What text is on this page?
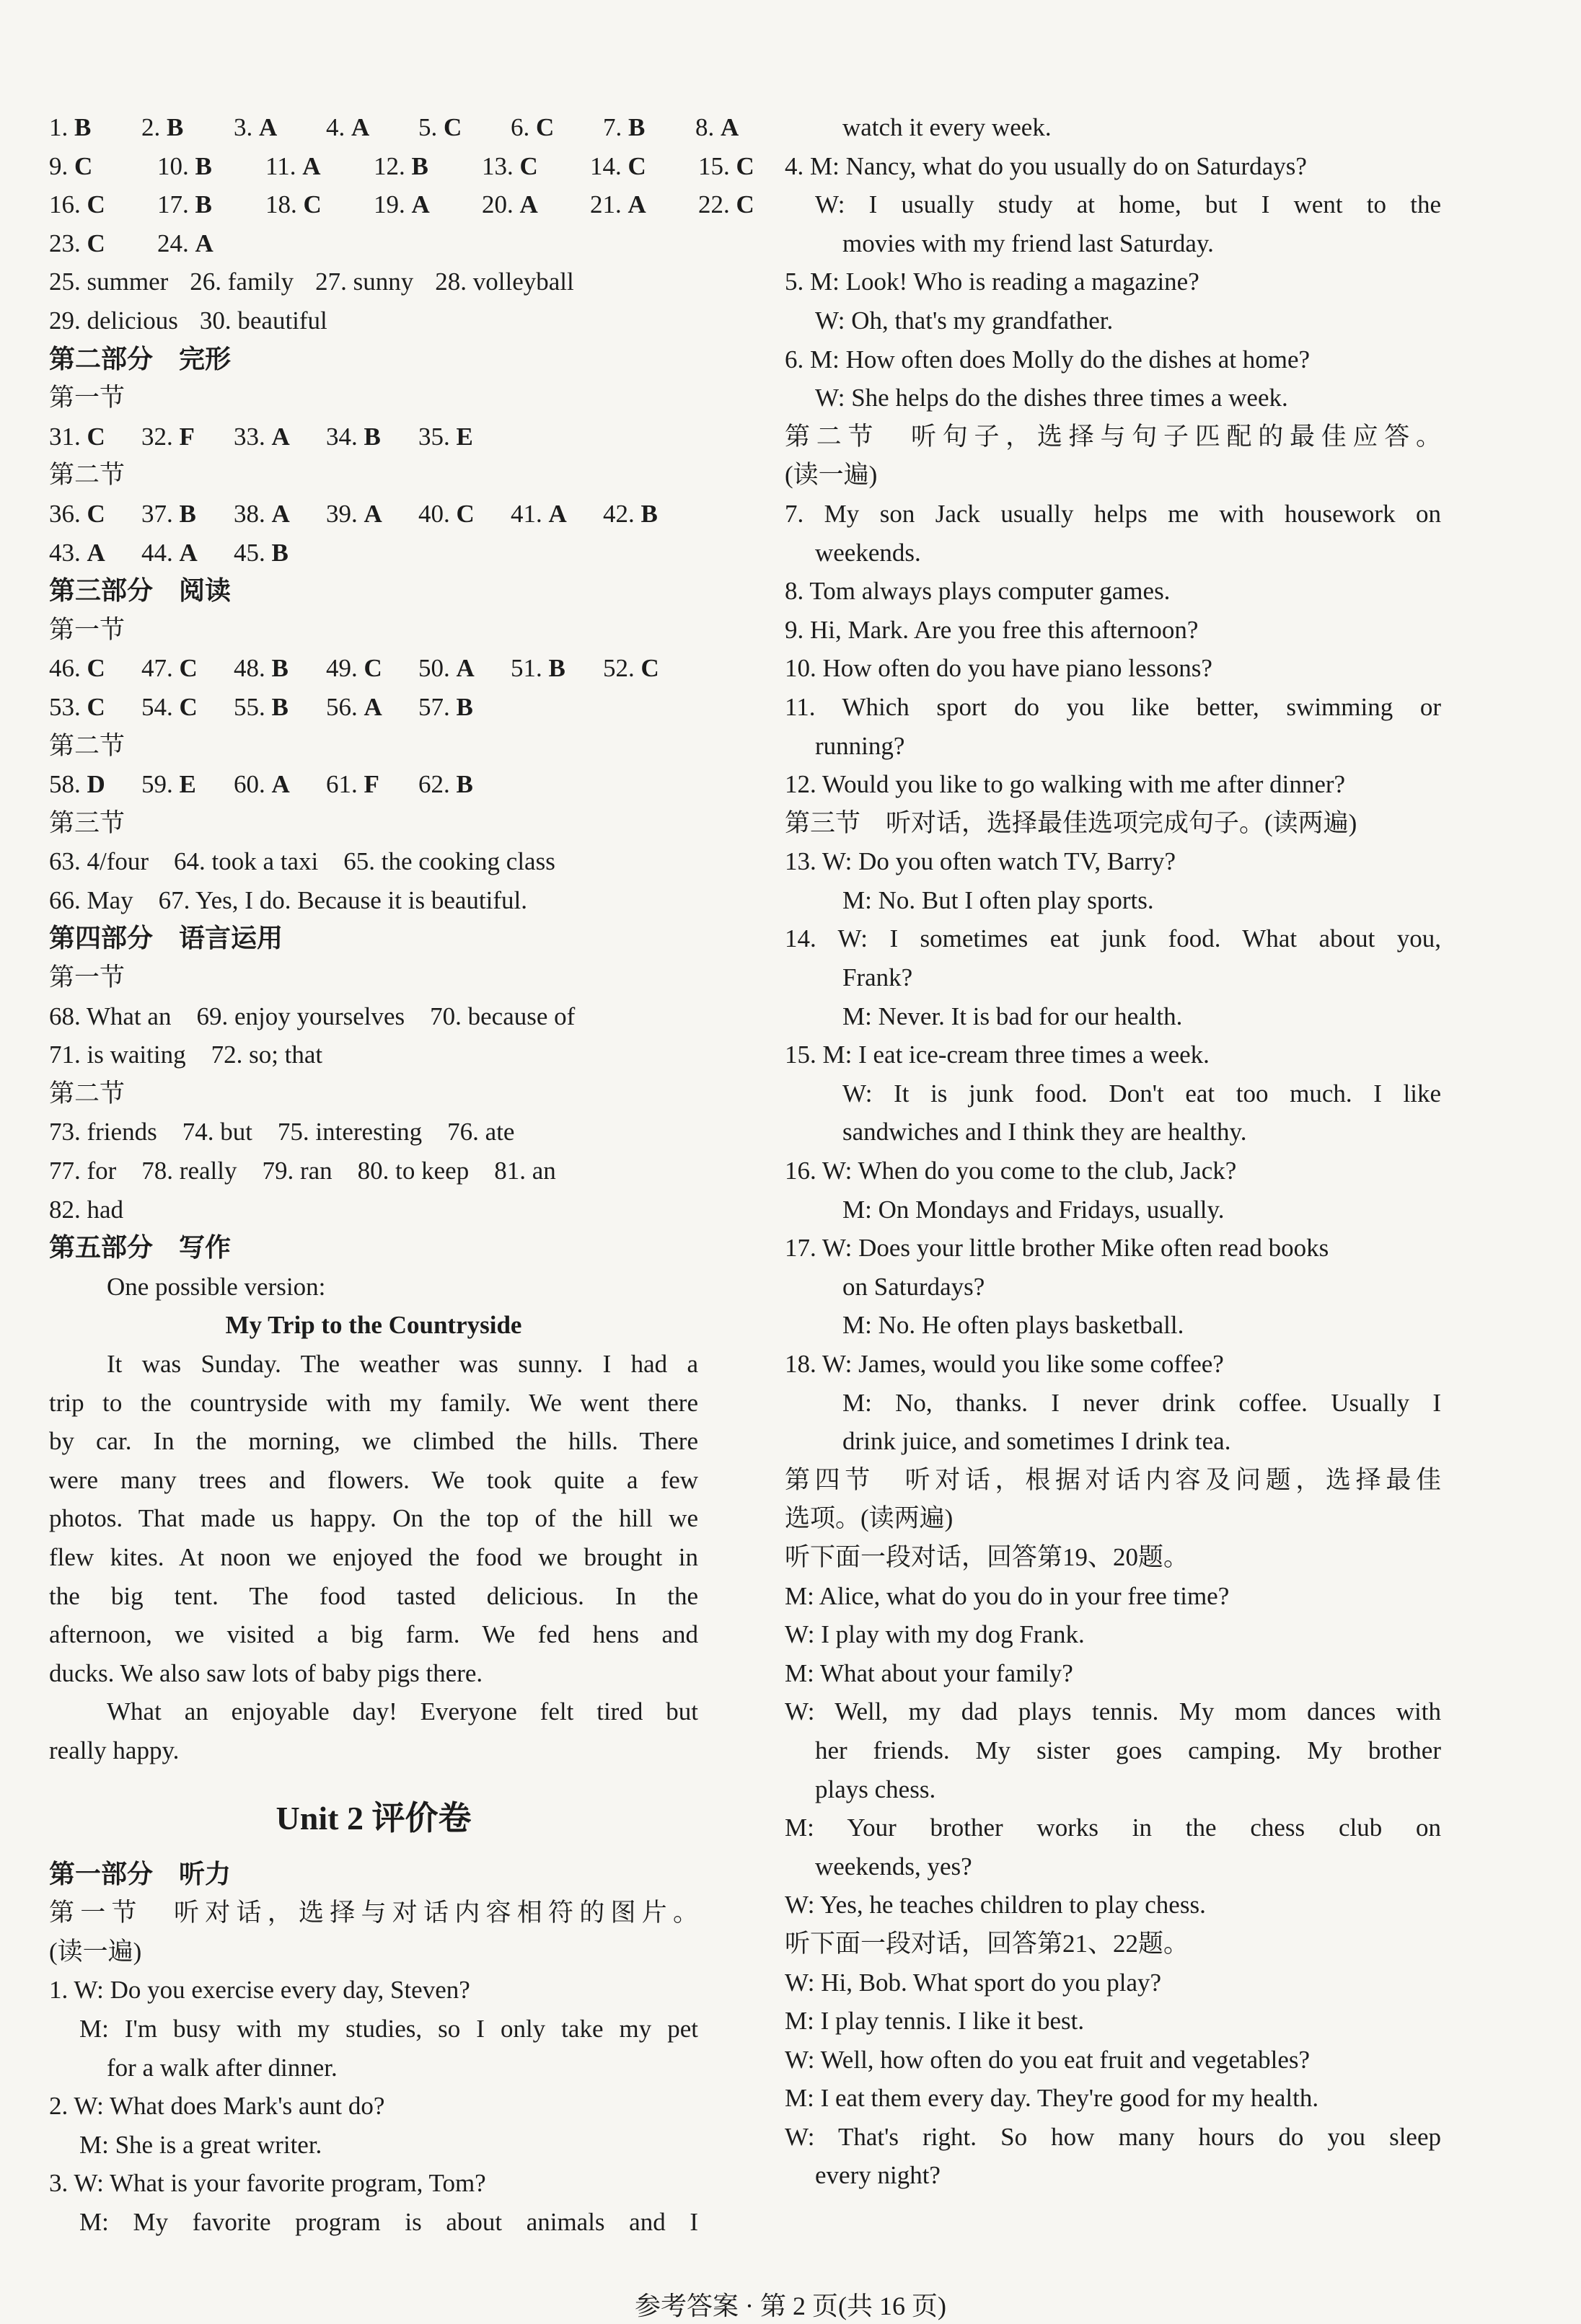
1. B 2. B 3. A 4. A 5. C 6. C 7. B 8. A
9. C	10. B 11. A 12. B 13. C 14. C 15. C
16. C 17. B 18. C 19. A 20. A 21. A 22. C
23. C 24. A
25. summer 26. family 27. sunny 28. volleyball
29. delicious 30. beautiful
第二部分　完形
第一节
31. C 32. F 33. A 34. B 35. E
第二节
36. C 37. B 38. A 39. A 40. C 41. A 42. B
43. A 44. A 45. B
第三部分　阅读
第一节
46. C 47. C 48. B 49. C 50. A 51. B 52. C
53. C 54. C 55. B 56. A 57. B
第二节
58. D 59. E 60. A 61. F 62. B
第三节
63. 4/four　64. took a taxi　65. the cooking class
66. May　67. Yes, I do. Because it is beautiful.
第四部分　语言运用
第一节
68. What an　69. enjoy yourselves　70. because of
71. is waiting　72. so; that
第二节
73. friends　74. but　75. interesting　76. ate
77. for　78. really　79. ran　80. to keep　81. an
82. had
第五部分　写作
One possible version:
My Trip to the Countryside
It was Sunday. The weather was sunny. I had a
trip to the countryside with my family. We went there
by car. In the morning, we climbed the hills. There
were many trees and flowers. We took quite a few
photos. That made us happy. On the top of the hill we
flew kites. At noon we enjoyed the food we brought in
the big tent. The food tasted delicious. In the
afternoon, we visited a big farm. We fed hens and
ducks. We also saw lots of baby pigs there.
What an enjoyable day! Everyone felt tired but
really happy.
Unit 2 评价卷
第一部分　听力
第一节　听对话，选择与对话内容相符的图片。
(读一遍)
1. W: Do you exercise every day, Steven?
M: I'm busy with my studies, so I only take my pet
for a walk after dinner.
2. W: What does Mark's aunt do?
M: She is a great writer.
3. W: What is your favorite program, Tom?
M: My favorite program is about animals and I
watch it every week.
4. M: Nancy, what do you usually do on Saturdays?
W: I usually study at home, but I went to the
movies with my friend last Saturday.
5. M: Look! Who is reading a magazine?
W: Oh, that's my grandfather.
6. M: How often does Molly do the dishes at home?
W: She helps do the dishes three times a week.
第二节　听句子，选择与句子匹配的最佳应答。
(读一遍)
7. My son Jack usually helps me with housework on
weekends.
8. Tom always plays computer games.
9. Hi, Mark. Are you free this afternoon?
10. How often do you have piano lessons?
11. Which sport do you like better, swimming or
running?
12. Would you like to go walking with me after dinner?
第三节　听对话，选择最佳选项完成句子。(读两遍)
13. W: Do you often watch TV, Barry?
M: No. But I often play sports.
14. W: I sometimes eat junk food. What about you,
Frank?
M: Never. It is bad for our health.
15. M: I eat ice-cream three times a week.
W: It is junk food. Don't eat too much. I like
sandwiches and I think they are healthy.
16. W: When do you come to the club, Jack?
M: On Mondays and Fridays, usually.
17. W: Does your little brother Mike often read books
on Saturdays?
M: No. He often plays basketball.
18. W: James, would you like some coffee?
M: No, thanks. I never drink coffee. Usually I
drink juice, and sometimes I drink tea.
第四节　听对话，根据对话内容及问题，选择最佳
选项。(读两遍)
听下面一段对话，回答第19、20题。
M: Alice, what do you do in your free time?
W: I play with my dog Frank.
M: What about your family?
W: Well, my dad plays tennis. My mom dances with
her friends. My sister goes camping. My brother
plays chess.
M: Your brother works in the chess club on
weekends, yes?
W: Yes, he teaches children to play chess.
听下面一段对话，回答第21、22题。
W: Hi, Bob. What sport do you play?
M: I play tennis. I like it best.
W: Well, how often do you eat fruit and vegetables?
M: I eat them every day. They're good for my health.
W: That's right. So how many hours do you sleep
every night?
参考答案 · 第 2 页(共 16 页)
